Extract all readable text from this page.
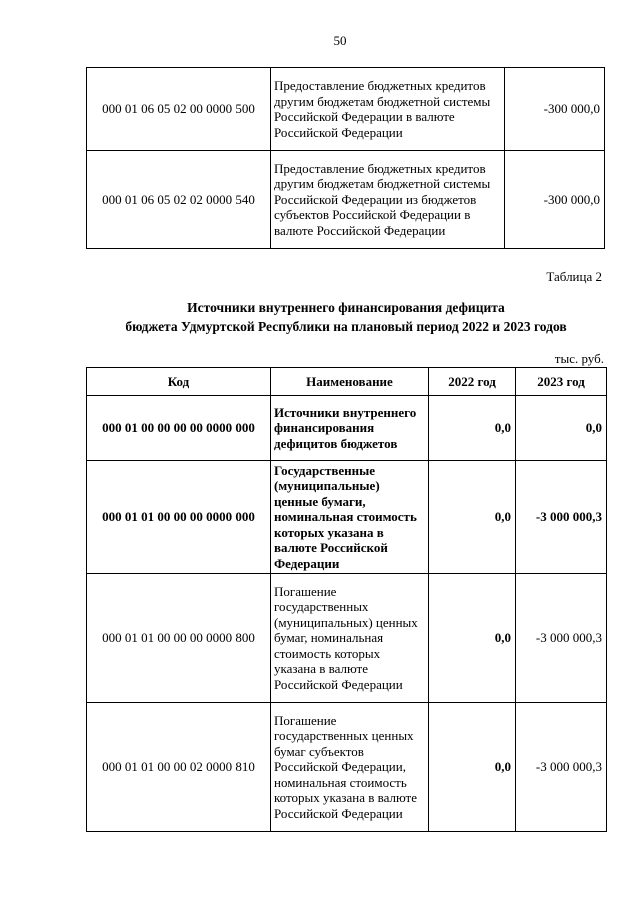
50
000 01 06 05 02 00 0000 500	Предоставление бюджетных кредитов другим бюджетам бюджетной системы Российской Федерации в валюте Российской Федерации	-300 000,0
000 01 06 05 02 02 0000 540	Предоставление бюджетных кредитов другим бюджетам бюджетной системы Российской Федерации из бюджетов субъектов Российской Федерации в валюте Российской Федерации	-300 000,0
Таблица 2
Источники внутреннего финансирования дефицита
бюджета Удмуртской Республики на плановый период 2022 и 2023 годов
тыс. руб.
Код	Наименование	2022 год	2023 год
000 01 00 00 00 00 0000 000	Источники внутреннего финансирования дефицитов бюджетов	0,0	0,0
000 01 01 00 00 00 0000 000	Государственные (муниципальные) ценные бумаги, номинальная стоимость которых указана в валюте Российской Федерации	0,0	-3 000 000,3
000 01 01 00 00 00 0000 800	Погашение государственных (муниципальных) ценных бумаг, номинальная стоимость которых указана в валюте Российской Федерации	0,0	-3 000 000,3
000 01 01 00 00 02 0000 810	Погашение государственных ценных бумаг субъектов Российской Федерации, номинальная стоимость которых указана в валюте Российской Федерации	0,0	-3 000 000,3
